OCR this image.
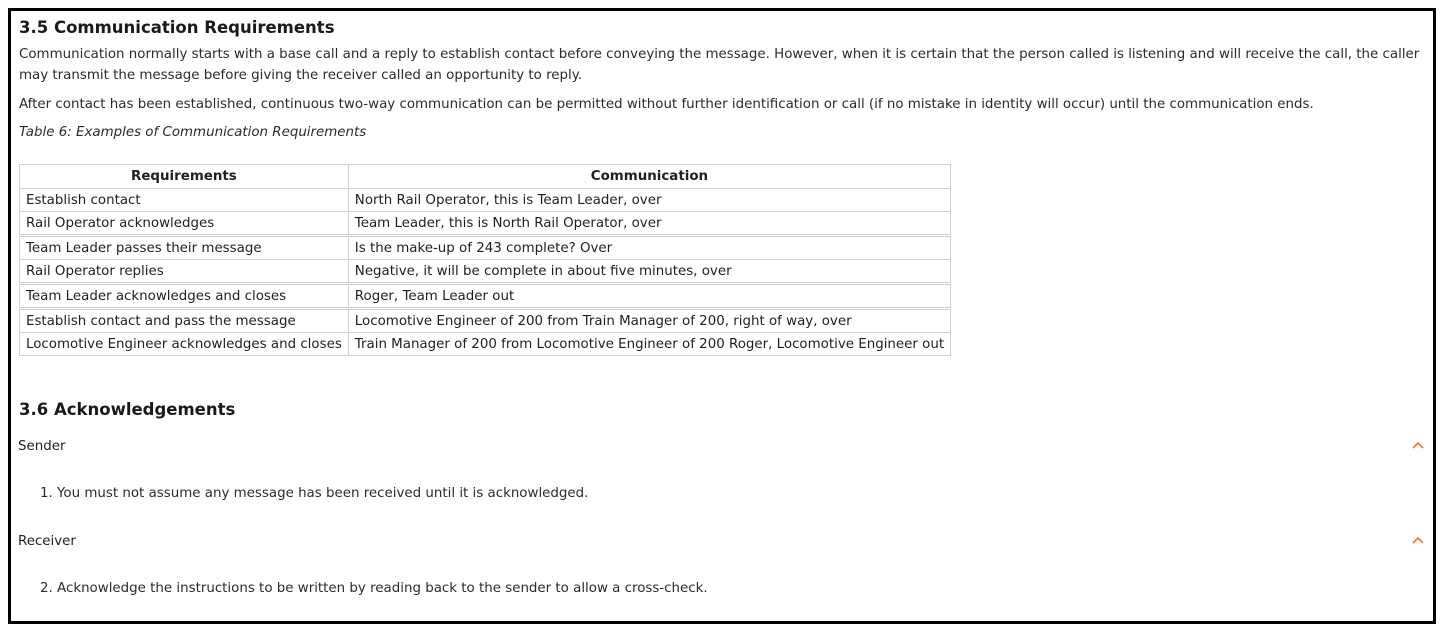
3.5 Communication Requirements
Communication normally starts with a base call and a reply to establish contact before conveying the message. However, when it is certain that the person called is listening and will receive the call, the caller may transmit the message before giving the receiver called an opportunity to reply.
After contact has been established, continuous two-way communication can be permitted without further identification or call (if no mistake in identity will occur) until the communication ends.
Table 6: Examples of Communication Requirements
Requirements	Communication
Establish contact	North Rail Operator, this is Team Leader, over
Rail Operator acknowledges	Team Leader, this is North Rail Operator, over
Team Leader passes their message	Is the make-up of 243 complete? Over
Rail Operator replies	Negative, it will be complete in about five minutes, over
Team Leader acknowledges and closes	Roger, Team Leader out
Establish contact and pass the message	Locomotive Engineer of 200 from Train Manager of 200, right of way, over
Locomotive Engineer acknowledges and closes	Train Manager of 200 from Locomotive Engineer of 200 Roger, Locomotive Engineer out
3.6 Acknowledgements
Sender
1. You must not assume any message has been received until it is acknowledged.
Receiver
2. Acknowledge the instructions to be written by reading back to the sender to allow a cross-check.
